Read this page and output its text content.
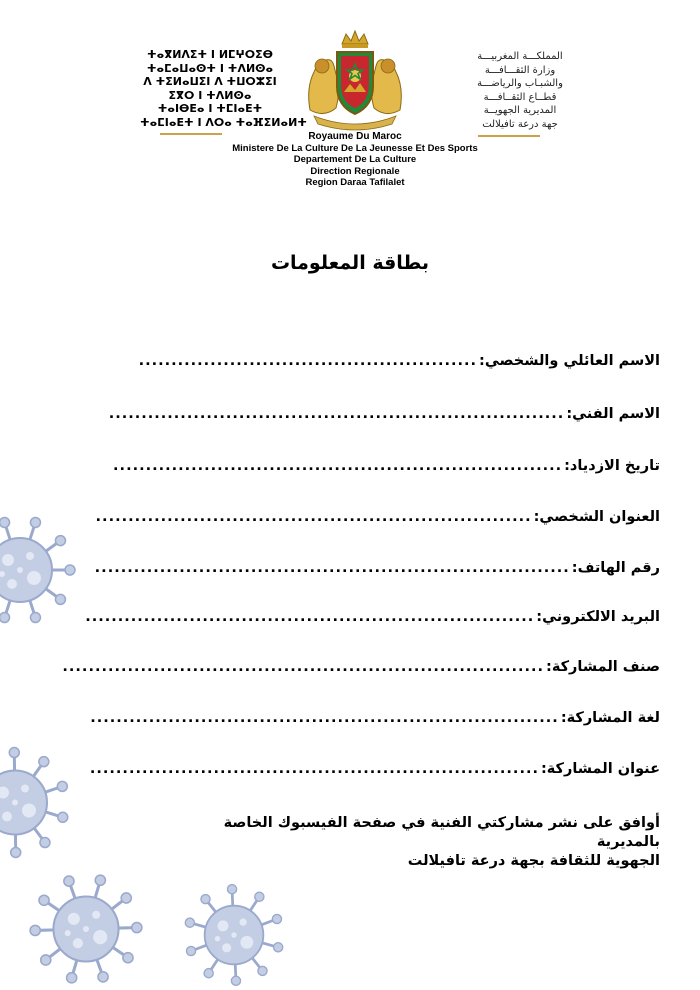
ⵜⴰⴳⵍⴷⵉⵜ ⵏ ⵍⵎⵖⵔⵉⴱ
ⵜⴰⵎⴰⵡⴰⵙⵜ ⵏ ⵜⴷⵍⵙⴰ
ⴷ ⵜⵉⵍⴰⵡⵉⵏ ⴷ ⵜⵡⵔⵣⵉⵏ
ⵉⴳⵔ ⵏ ⵜⴷⵍⵙⴰ
ⵜⴰⵏⴱⴹⴰ ⵏ ⵜⵎⵏⴰⴹⵜ
ⵜⴰⵎⵏⴰⴹⵜ ⵏ ⴷⵔⴰ ⵜⴰⴼⵉⵍⴰⵍⵜ
المملكـــة المغربيـــة
وزارة الثقـــافـــة
والشبـاب والرياضـــة
قطــاع الثقــافـــة
المديرية الجهويــة
جهة درعة تافيلالت
Royaume Du Maroc
Ministere De La Culture De La Jeunesse Et Des Sports
Departement De La Culture
Direction Regionale
Region Daraa Tafilalet
بطاقة المعلومات
الاسم العائلي والشخصي:....................................................
الاسم الفني:......................................................................
تاريخ الازدياد:.....................................................................
العنوان الشخصي:...................................................................
رقم الهاتف:.........................................................................
البريد الالكتروني:.....................................................................
صنف المشاركة:..........................................................................
لغة المشاركة:........................................................................
عنوان المشاركة:.....................................................................
أوافق على نشر مشاركتي الفنية في صفحة الفيسبوك الخاصة بالمديرية
الجهوية للثقافة بجهة درعة تافيلالت
